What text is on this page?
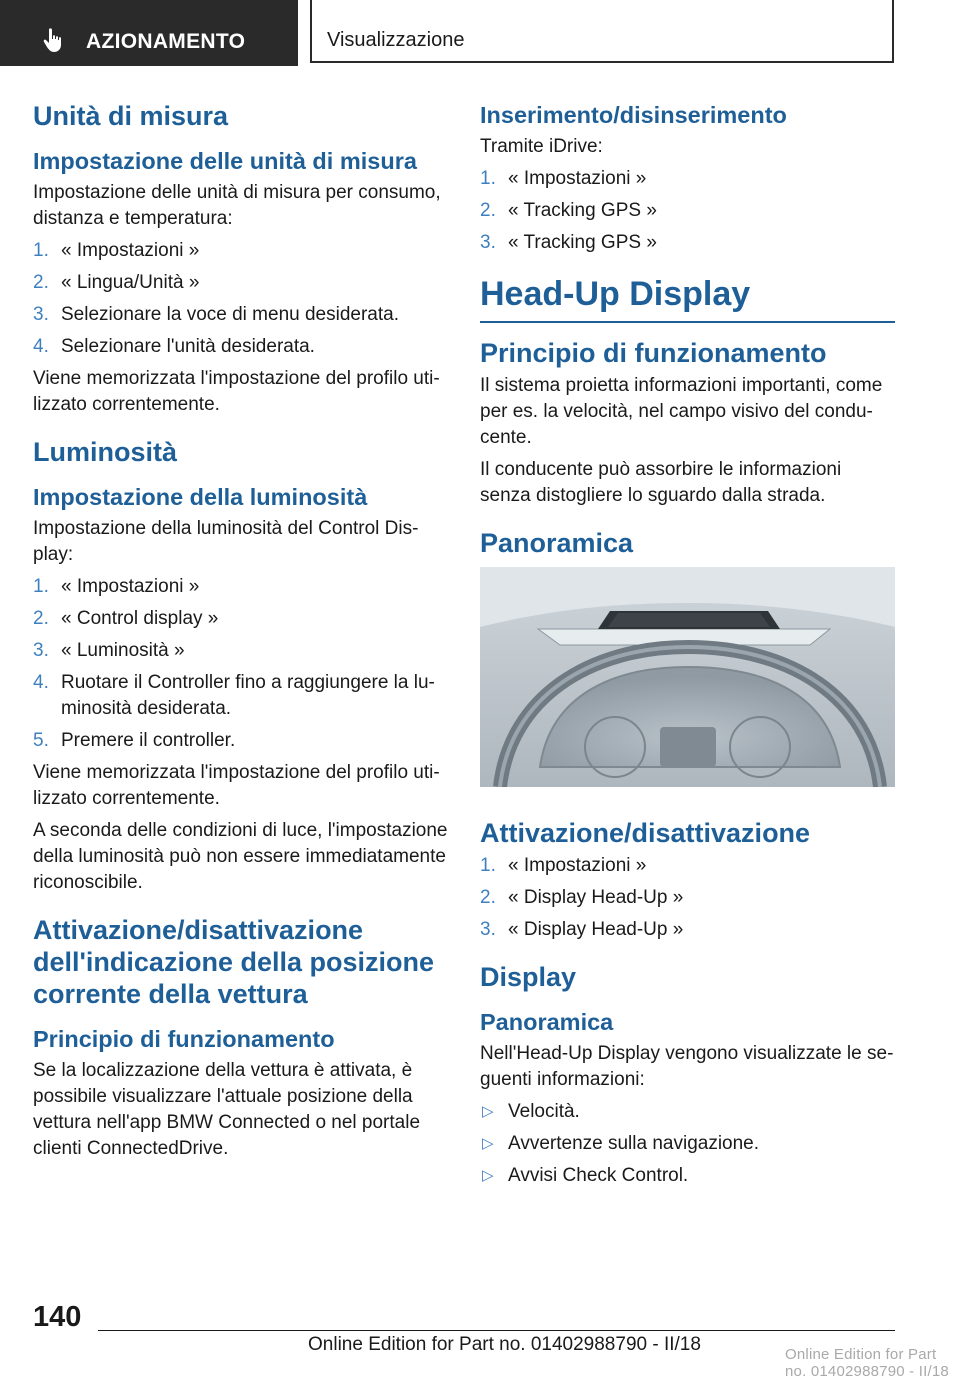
AZIONAMENTO	Visualizzazione
Unità di misura
Impostazione delle unità di misura

Impostazione delle unità di misura per consumo, distanza e temperatura:

1. « Impostazioni »
2. « Lingua/Unità »
3. Selezionare la voce di menu desiderata.
4. Selezionare l'unità desiderata.

Viene memorizzata l'impostazione del profilo utilizzato correntemente.

Luminosità
Impostazione della luminosità

Impostazione della luminosità del Control Display:

1. « Impostazioni »
2. « Control display »
3. « Luminosità »
4. Ruotare il Controller fino a raggiungere la luminosità desiderata.
5. Premere il controller.

Viene memorizzata l'impostazione del profilo utilizzato correntemente.

A seconda delle condizioni di luce, l'impostazione della luminosità può non essere immediatamente riconoscibile.

Attivazione/disattivazione dell'indicazione della posizione corrente della vettura
Principio di funzionamento

Se la localizzazione della vettura è attivata, è possibile visualizzare l'attuale posizione della vettura nell'app BMW Connected o nel portale clienti ConnectedDrive.

Inserimento/disinserimento

Tramite iDrive:

1. « Impostazioni »
2. « Tracking GPS »
3. « Tracking GPS »
Head-Up Display
Principio di funzionamento

Il sistema proietta informazioni importanti, come per es. la velocità, nel campo visivo del conducente.

Il conducente può assorbire le informazioni senza distogliere lo sguardo dalla strada.

Panoramica
Attivazione/disattivazione
1. « Impostazioni »
2. « Display Head-Up »
3. « Display Head-Up »
Display
Panoramica

Nell'Head-Up Display vengono visualizzate le seguenti informazioni:

▷ Velocità.
▷ Avvertenze sulla navigazione.
▷ Avvisi Check Control.
140
Online Edition for Part no. 01402988790 - II/18	Online Edition for Part no. 01402988790 - II/18
